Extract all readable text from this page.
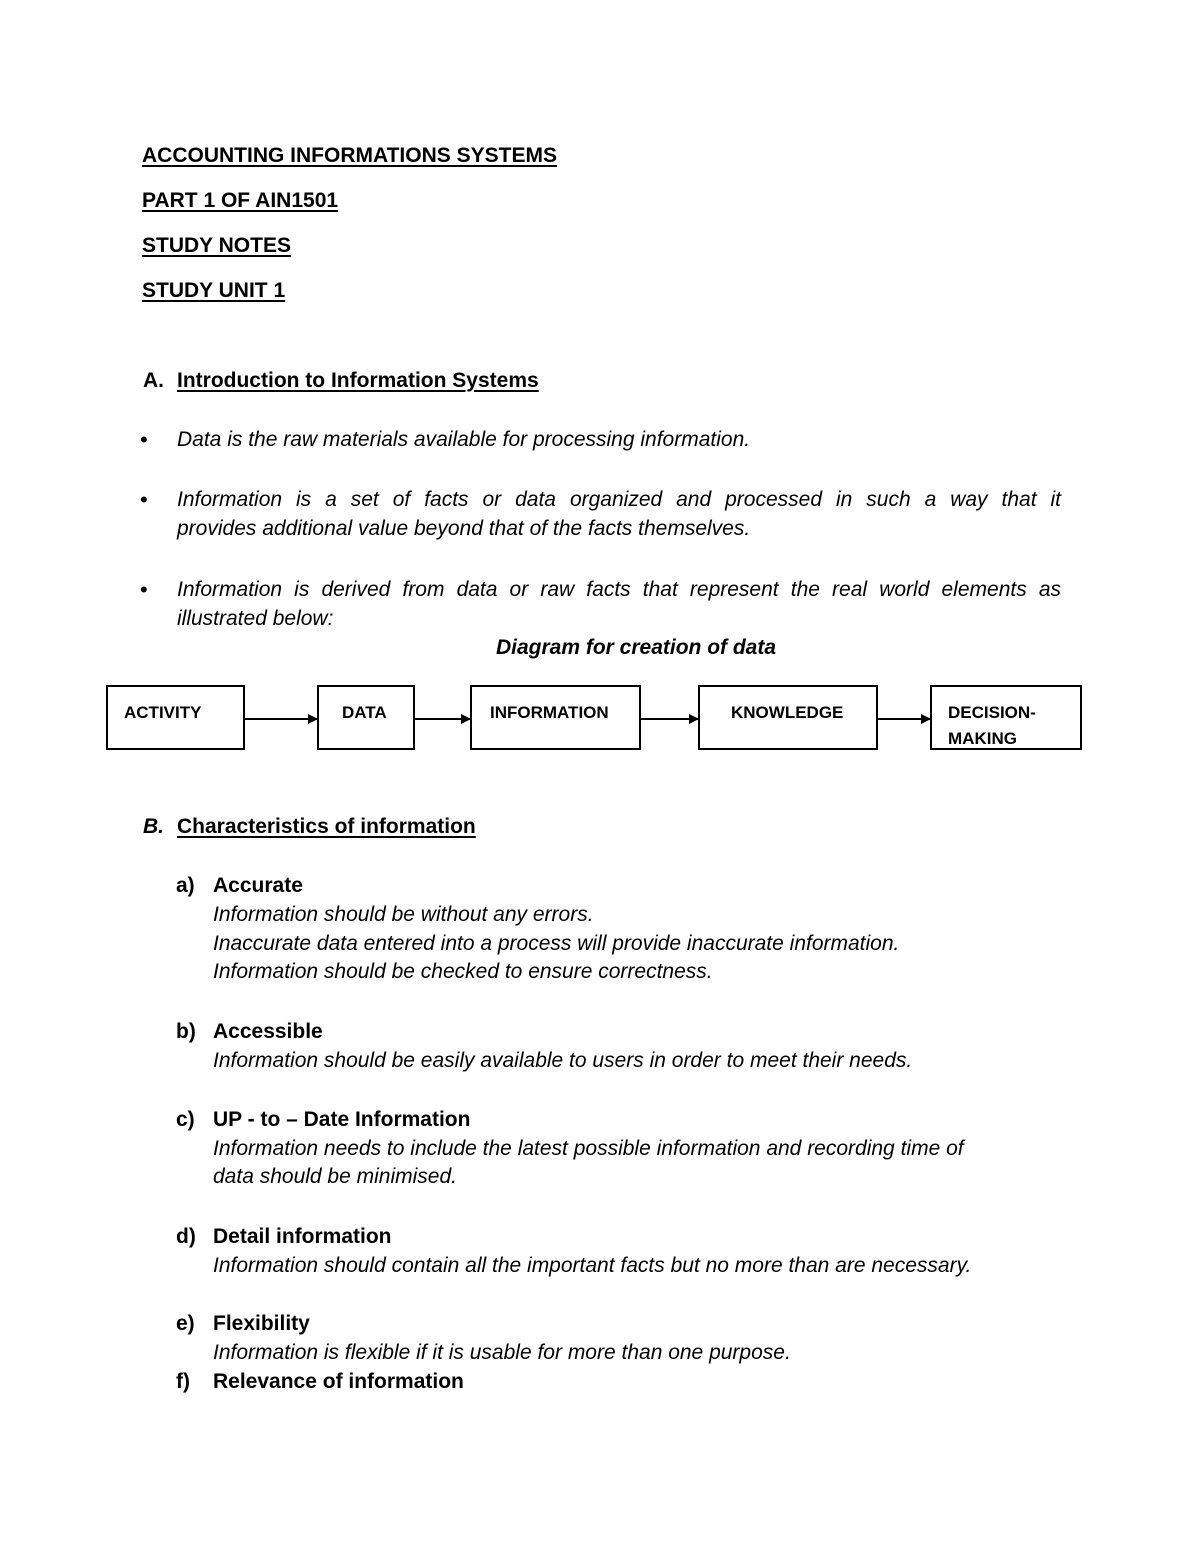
ACCOUNTING INFORMATIONS SYSTEMS
PART 1 OF AIN1501
STUDY NOTES
STUDY UNIT 1
A. Introduction to Information Systems
• Data is the raw materials available for processing information.
• Information is a set of facts or data organized and processed in such a way that it
provides additional value beyond that of the facts themselves.
• Information is derived from data or raw facts that represent the real world elements as
illustrated below:
Diagram for creation of data
ACTIVITY	DATA	INFORMATION	KNOWLEDGE	DECISION-MAKING
B. Characteristics of information
a) Accurate
Information should be without any errors.
Inaccurate data entered into a process will provide inaccurate information.
Information should be checked to ensure correctness.
b) Accessible
Information should be easily available to users in order to meet their needs.
c) UP - to – Date Information
Information needs to include the latest possible information and recording time of
data should be minimised.
d) Detail information
Information should contain all the important facts but no more than are necessary.
e) Flexibility
Information is flexible if it is usable for more than one purpose.
f) Relevance of information
